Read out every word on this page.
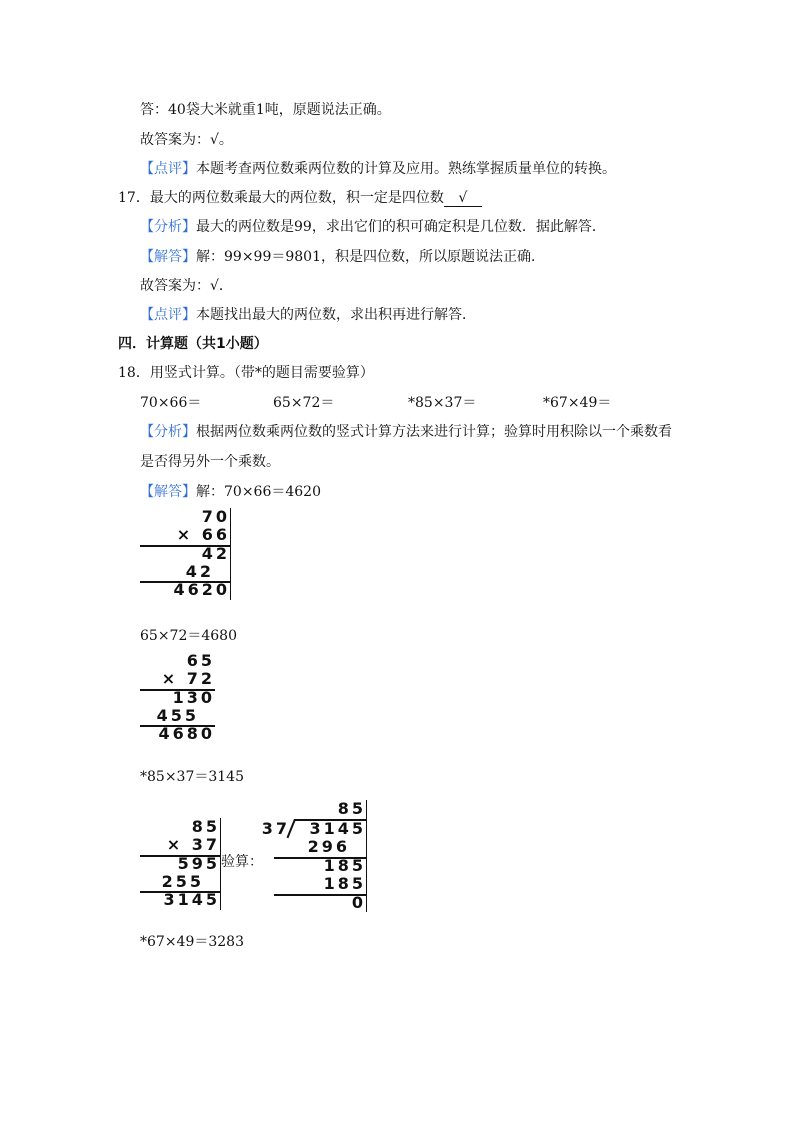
答：40袋大米就重1吨，原题说法正确。
故答案为：√。
【点评】本题考查两位数乘两位数的计算及应用。熟练掌握质量单位的转换。
17．最大的两位数乘最大的两位数，积一定是四位数 √
【分析】最大的两位数是99，求出它们的积可确定积是几位数．据此解答．
【解答】解：99×99＝9801，积是四位数，所以原题说法正确．
故答案为：√．
【点评】本题找出最大的两位数，求出积再进行解答．
四．计算题（共1小题）
18．用竖式计算。（带*的题目需要验算）
70×66＝	65×72＝	*85×37＝	*67×49＝
【分析】根据两位数乘两位数的竖式计算方法来进行计算；验算时用积除以一个乘数看
是否得另外一个乘数。
【解答】解：70×66＝4620
70
× 66
42
42
4620
65×72＝4680
65
× 72
130
455
4680
*85×37＝3145
85
× 37
595
255
3145
验算：
85
37 3145
296
185
185
0
*67×49＝3283
